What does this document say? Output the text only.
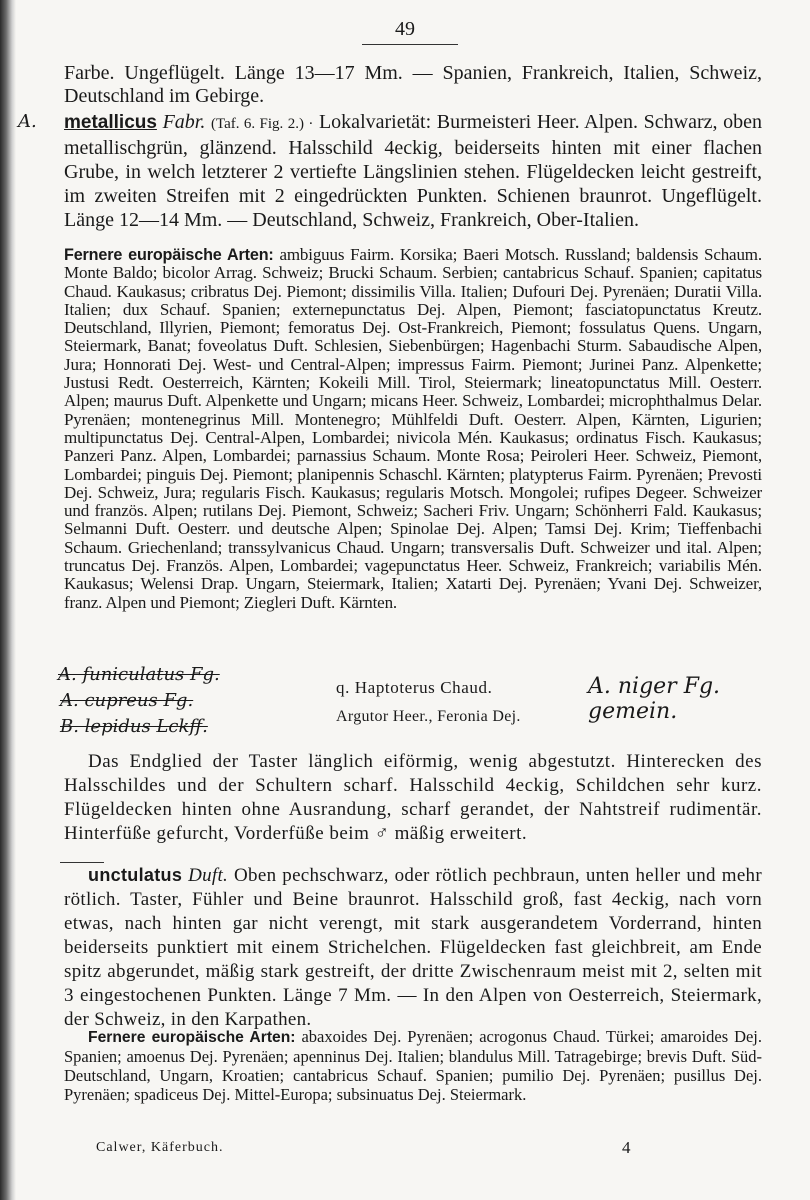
49
Farbe. Ungeflügelt. Länge 13—17 Mm. — Spanien, Frankreich, Italien, Schweiz, Deutschland im Gebirge.
A. metallicus Fabr. (Taf. 6. Fig. 2.) · Lokalvarietät: Burmeisteri Heer. Alpen. Schwarz, oben metallischgrün, glänzend. Halsschild 4eckig, beiderseits hinten mit einer flachen Grube, in welch letzterer 2 vertiefte Längslinien stehen. Flügeldecken leicht gestreift, im zweiten Streifen mit 2 eingedrückten Punkten. Schienen braunrot. Ungeflügelt. Länge 12—14 Mm. — Deutschland, Schweiz, Frankreich, Ober-Italien.
Fernere europäische Arten: ambiguus Fairm. Korsika; Baeri Motsch. Russland; baldensis Schaum. Monte Baldo; bicolor Arrag. Schweiz; Brucki Schaum. Serbien; cantabricus Schauf. Spanien; capitatus Chaud. Kaukasus; cribratus Dej. Piemont; dissimilis Villa. Italien; Dufouri Dej. Pyrenäen; Duratii Villa. Italien; dux Schauf. Spanien; externepunctatus Dej. Alpen, Piemont; fasciatopunctatus Kreutz. Deutschland, Illyrien, Piemont; femoratus Dej. Ost-Frankreich, Piemont; fossulatus Quens. Ungarn, Steiermark, Banat; foveolatus Duft. Schlesien, Siebenbürgen; Hagenbachi Sturm. Sabaudische Alpen, Jura; Honnorati Dej. West- und Central-Alpen; impressus Fairm. Piemont; Jurinei Panz. Alpenkette; Justusi Redt. Oesterreich, Kärnten; Kokeili Mill. Tirol, Steiermark; lineatopunctatus Mill. Oesterr. Alpen; maurus Duft. Alpenkette und Ungarn; micans Heer. Schweiz, Lombardei; microphthalmus Delar. Pyrenäen; montenegrinus Mill. Montenegro; Mühlfeldi Duft. Oesterr. Alpen, Kärnten, Ligurien; multipunctatus Dej. Central-Alpen, Lombardei; nivicola Mén. Kaukasus; ordinatus Fisch. Kaukasus; Panzeri Panz. Alpen, Lombardei; parnassius Schaum. Monte Rosa; Peiroleri Heer. Schweiz, Piemont, Lombardei; pinguis Dej. Piemont; planipennis Schaschl. Kärnten; platypterus Fairm. Pyrenäen; Prevosti Dej. Schweiz, Jura; regularis Fisch. Kaukasus; regularis Motsch. Mongolei; rufipes Degeer. Schweizer und französ. Alpen; rutilans Dej. Piemont, Schweiz; Sacheri Friv. Ungarn; Schönherri Fald. Kaukasus; Selmanni Duft. Oesterr. und deutsche Alpen; Spinolae Dej. Alpen; Tamsi Dej. Krim; Tieffenbachi Schaum. Griechenland; transsylvanicus Chaud. Ungarn; transversalis Duft. Schweizer und ital. Alpen; truncatus Dej. Französ. Alpen, Lombardei; vagepunctatus Heer. Schweiz, Frankreich; variabilis Mén. Kaukasus; Welensi Drap. Ungarn, Steiermark, Italien; Xatarti Dej. Pyrenäen; Yvani Dej. Schweizer, franz. Alpen und Piemont; Ziegleri Duft. Kärnten.
A. funiculatus Fg.
A. cupreus Fg.
B. lepidus Lckff.
q. Haptoterus Chaud.
Argutor Heer., Feronia Dej.
A. niger Fg. gemein.
Das Endglied der Taster länglich eiförmig, wenig abgestutzt. Hinterecken des Halsschildes und der Schultern scharf. Halsschild 4eckig, Schildchen sehr kurz. Flügeldecken hinten ohne Ausrandung, scharf gerandet, der Nahtstreif rudimentär. Hinterfüße gefurcht, Vorderfüße beim ♂ mäßig erweitert.
unctulatus Duft. Oben pechschwarz, oder rötlich pechbraun, unten heller und mehr rötlich. Taster, Fühler und Beine braunrot. Halsschild groß, fast 4eckig, nach vorn etwas, nach hinten gar nicht verengt, mit stark ausgerandetem Vorderrand, hinten beiderseits punktiert mit einem Strichelchen. Flügeldecken fast gleichbreit, am Ende spitz abgerundet, mäßig stark gestreift, der dritte Zwischenraum meist mit 2, selten mit 3 eingestochenen Punkten. Länge 7 Mm. — In den Alpen von Oesterreich, Steiermark, der Schweiz, in den Karpathen.
Fernere europäische Arten: abaxoides Dej. Pyrenäen; acrogonus Chaud. Türkei; amaroides Dej. Spanien; amoenus Dej. Pyrenäen; apenninus Dej. Italien; blandulus Mill. Tatragebirge; brevis Duft. Süd-Deutschland, Ungarn, Kroatien; cantabricus Schauf. Spanien; pumilio Dej. Pyrenäen; pusillus Dej. Pyrenäen; spadiceus Dej. Mittel-Europa; subsinuatus Dej. Steiermark.
Calwer, Käferbuch.	4
